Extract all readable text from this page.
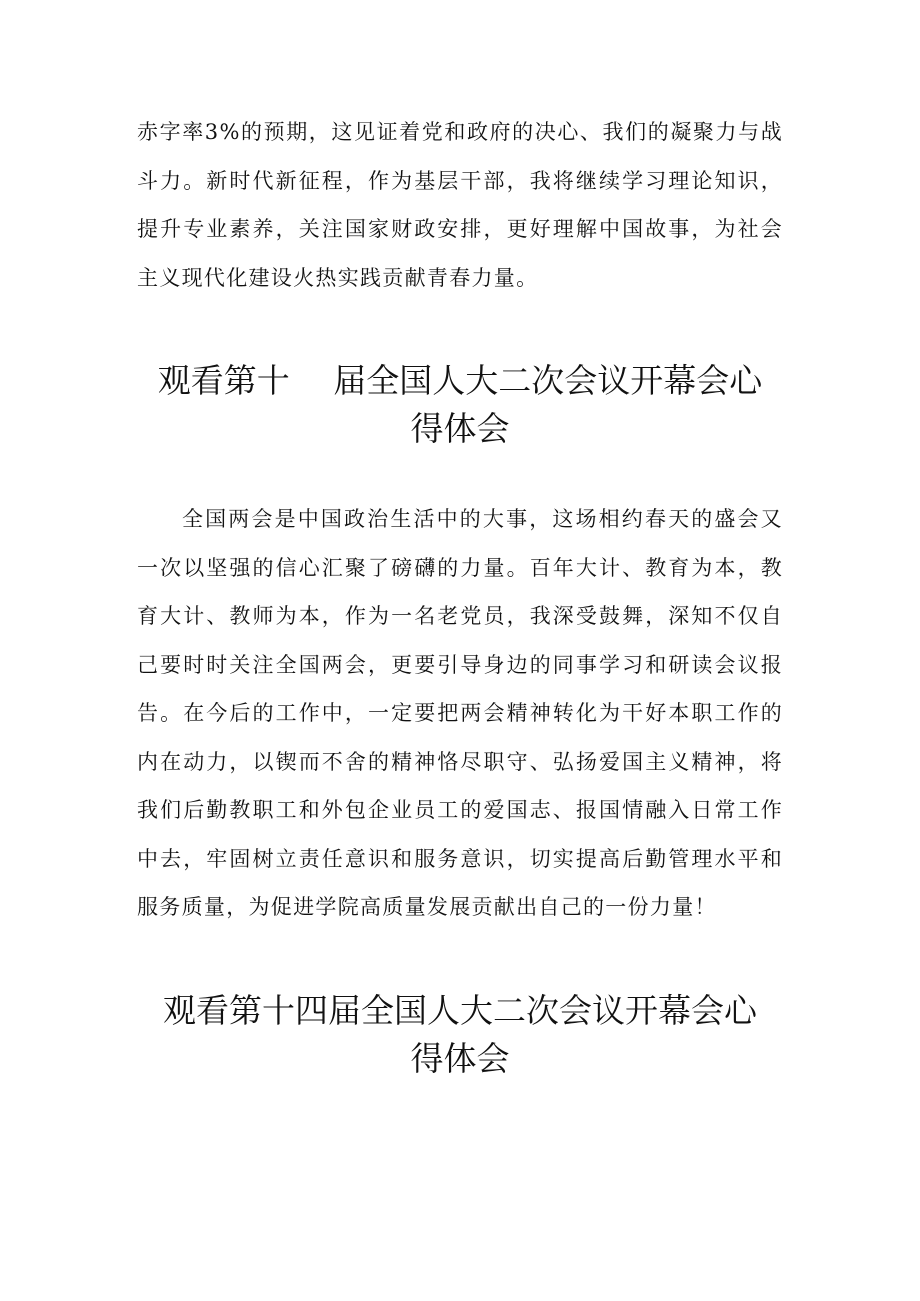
赤字率3%的预期，这见证着党和政府的决心、我们的凝聚力与战斗力。新时代新征程，作为基层干部，我将继续学习理论知识，提升专业素养，关注国家财政安排，更好理解中国故事，为社会主义现代化建设火热实践贡献青春力量。

观看第十　 届全国人大二次会议开幕会心
得体会

全国两会是中国政治生活中的大事，这场相约春天的盛会又一次以坚强的信心汇聚了磅礴的力量。百年大计、教育为本，教育大计、教师为本，作为一名老党员，我深受鼓舞，深知不仅自己要时时关注全国两会，更要引导身边的同事学习和研读会议报告。在今后的工作中，一定要把两会精神转化为干好本职工作的内在动力，以锲而不舍的精神恪尽职守、弘扬爱国主义精神，将我们后勤教职工和外包企业员工的爱国志、报国情融入日常工作中去，牢固树立责任意识和服务意识，切实提高后勤管理水平和服务质量，为促进学院高质量发展贡献出自己的一份力量！

观看第十四届全国人大二次会议开幕会心
得体会
